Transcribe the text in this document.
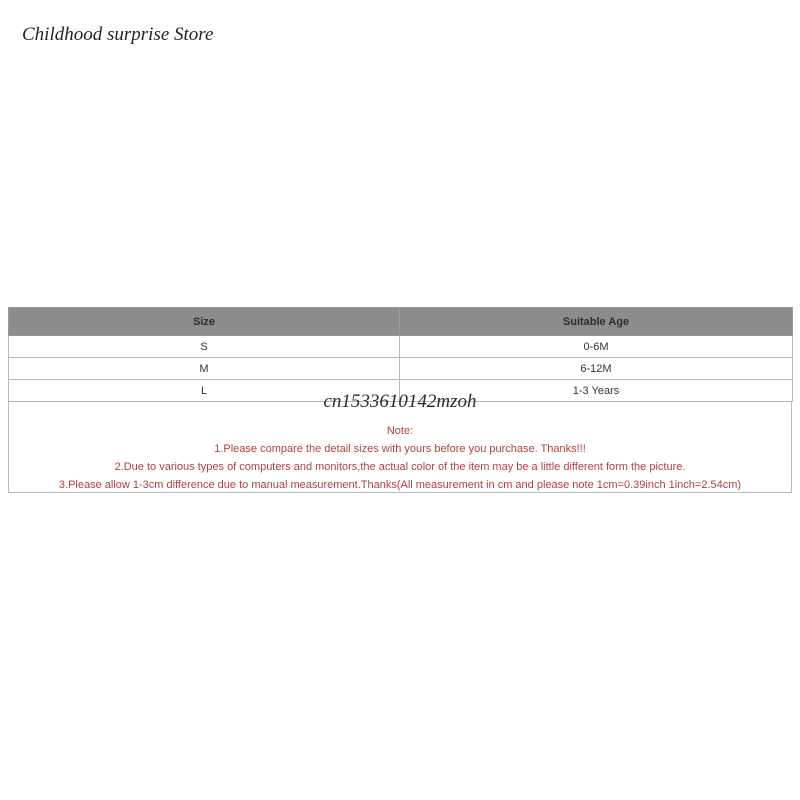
Childhood surprise Store
Size	Suitable Age
S	0-6M
M	6-12M
L	1-3 Years
Note:
1.Please compare the detail sizes with yours before you purchase. Thanks!!!
2.Due to various types of computers and monitors,the actual color of the item may be a little different form the picture.
3.Please allow 1-3cm difference due to manual measurement.Thanks(All measurement in cm and please note 1cm=0.39inch 1inch=2.54cm)
cn1533610142mzoh
